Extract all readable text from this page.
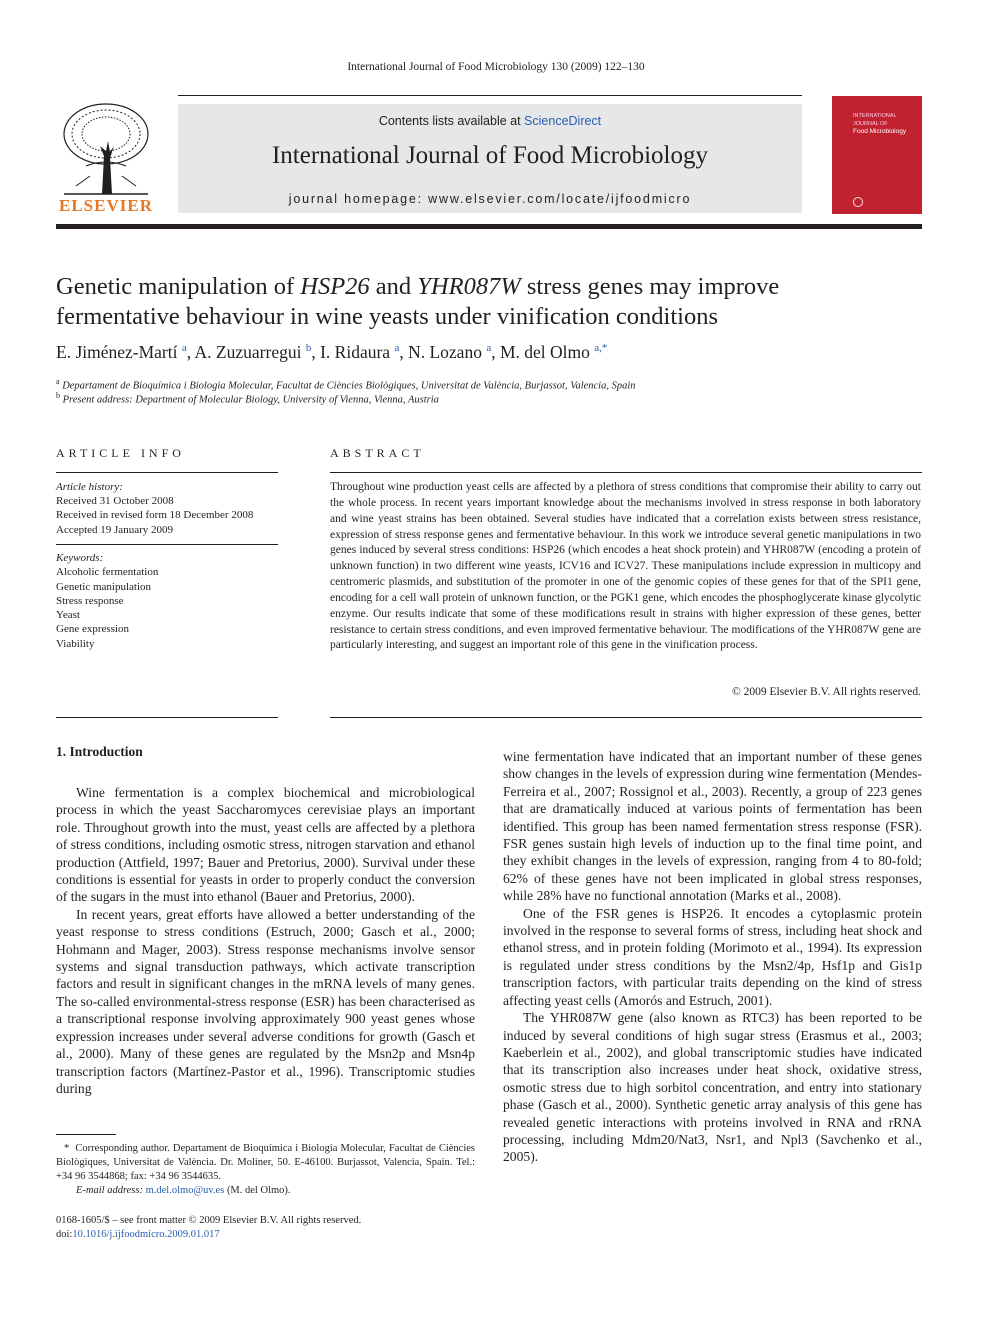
International Journal of Food Microbiology 130 (2009) 122–130
ELSEVIER
Contents lists available at ScienceDirect
International Journal of Food Microbiology
journal homepage: www.elsevier.com/locate/ijfoodmicro
INTERNATIONAL JOURNAL OF
Food Microbiology
Genetic manipulation of HSP26 and YHR087W stress genes may improve
fermentative behaviour in wine yeasts under vinification conditions
E. Jiménez-Martí $^a$, A. Zuzuarregui $^b$, I. Ridaura $^a$, N. Lozano $^a$, M. del Olmo $^{a,*}$
$^a$ Departament de Bioquímica i Biologia Molecular, Facultat de Ciències Biològiques, Universitat de València, Burjassot, Valencia, Spain
$^b$ Present address: Department of Molecular Biology, University of Vienna, Vienna, Austria
ARTICLE INFO
Article history:
Received 31 October 2008
Received in revised form 18 December 2008
Accepted 19 January 2009
Keywords:
Alcoholic fermentation
Genetic manipulation
Stress response
Yeast
Gene expression
Viability
ABSTRACT
Throughout wine production yeast cells are affected by a plethora of stress conditions that compromise their ability to carry out the whole process. In recent years important knowledge about the mechanisms involved in stress response in both laboratory and wine yeast strains has been obtained. Several studies have indicated that a correlation exists between stress resistance, expression of stress response genes and fermentative behaviour. In this work we introduce several genetic manipulations in two genes induced by several stress conditions: HSP26 (which encodes a heat shock protein) and YHR087W (encoding a protein of unknown function) in two different wine yeasts, ICV16 and ICV27. These manipulations include expression in multicopy and centromeric plasmids, and substitution of the promoter in one of the genomic copies of these genes for that of the SPI1 gene, encoding for a cell wall protein of unknown function, or the PGK1 gene, which encodes the phosphoglycerate kinase glycolytic enzyme. Our results indicate that some of these modifications result in strains with higher expression of these genes, better resistance to certain stress conditions, and even improved fermentative behaviour. The modifications of the YHR087W gene are particularly interesting, and suggest an important role of this gene in the vinification process.
© 2009 Elsevier B.V. All rights reserved.
1. Introduction

Wine fermentation is a complex biochemical and microbiological process in which the yeast Saccharomyces cerevisiae plays an important role. Throughout growth into the must, yeast cells are affected by a plethora of stress conditions, including osmotic stress, nitrogen starvation and ethanol production (Attfield, 1997; Bauer and Pretorius, 2000). Survival under these conditions is essential for yeasts in order to properly conduct the conversion of the sugars in the must into ethanol (Bauer and Pretorius, 2000).

In recent years, great efforts have allowed a better understanding of the yeast response to stress conditions (Estruch, 2000; Gasch et al., 2000; Hohmann and Mager, 2003). Stress response mechanisms involve sensor systems and signal transduction pathways, which activate transcription factors and result in significant changes in the mRNA levels of many genes. The so-called environmental-stress response (ESR) has been characterised as a transcriptional response involving approximately 900 yeast genes whose expression increases under several adverse conditions for growth (Gasch et al., 2000). Many of these genes are regulated by the Msn2p and Msn4p transcription factors (Martínez-Pastor et al., 1996). Transcriptomic studies during

wine fermentation have indicated that an important number of these genes show changes in the levels of expression during wine fermentation (Mendes-Ferreira et al., 2007; Rossignol et al., 2003). Recently, a group of 223 genes that are dramatically induced at various points of fermentation has been identified. This group has been named fermentation stress response (FSR). FSR genes sustain high levels of induction up to the final time point, and they exhibit changes in the levels of expression, ranging from 4 to 80-fold; 62% of these genes have not been implicated in global stress responses, while 28% have no functional annotation (Marks et al., 2008).

One of the FSR genes is HSP26. It encodes a cytoplasmic protein involved in the response to several forms of stress, including heat shock and ethanol stress, and in protein folding (Morimoto et al., 1994). Its expression is regulated under stress conditions by the Msn2/4p, Hsf1p and Gis1p transcription factors, with particular traits depending on the kind of stress affecting yeast cells (Amorós and Estruch, 2001).

The YHR087W gene (also known as RTC3) has been reported to be induced by several conditions of high sugar stress (Erasmus et al., 2003; Kaeberlein et al., 2002), and global transcriptomic studies have indicated that its transcription also increases under heat shock, oxidative stress, osmotic stress due to high sorbitol concentration, and entry into stationary phase (Gasch et al., 2000). Synthetic genetic array analysis of this gene has revealed genetic interactions with proteins involved in RNA and rRNA processing, including Mdm20/Nat3, Nsr1, and Npl3 (Savchenko et al., 2005).

* Corresponding author. Departament de Bioquímica i Biologia Molecular, Facultat de Ciències Biològiques, Universitat de València. Dr. Moliner, 50. E-46100. Burjassot, Valencia, Spain. Tel.: +34 96 3544868; fax: +34 96 3544635.
E-mail address: m.del.olmo@uv.es (M. del Olmo).
0168-1605/$ – see front matter © 2009 Elsevier B.V. All rights reserved.
doi:10.1016/j.ijfoodmicro.2009.01.017
